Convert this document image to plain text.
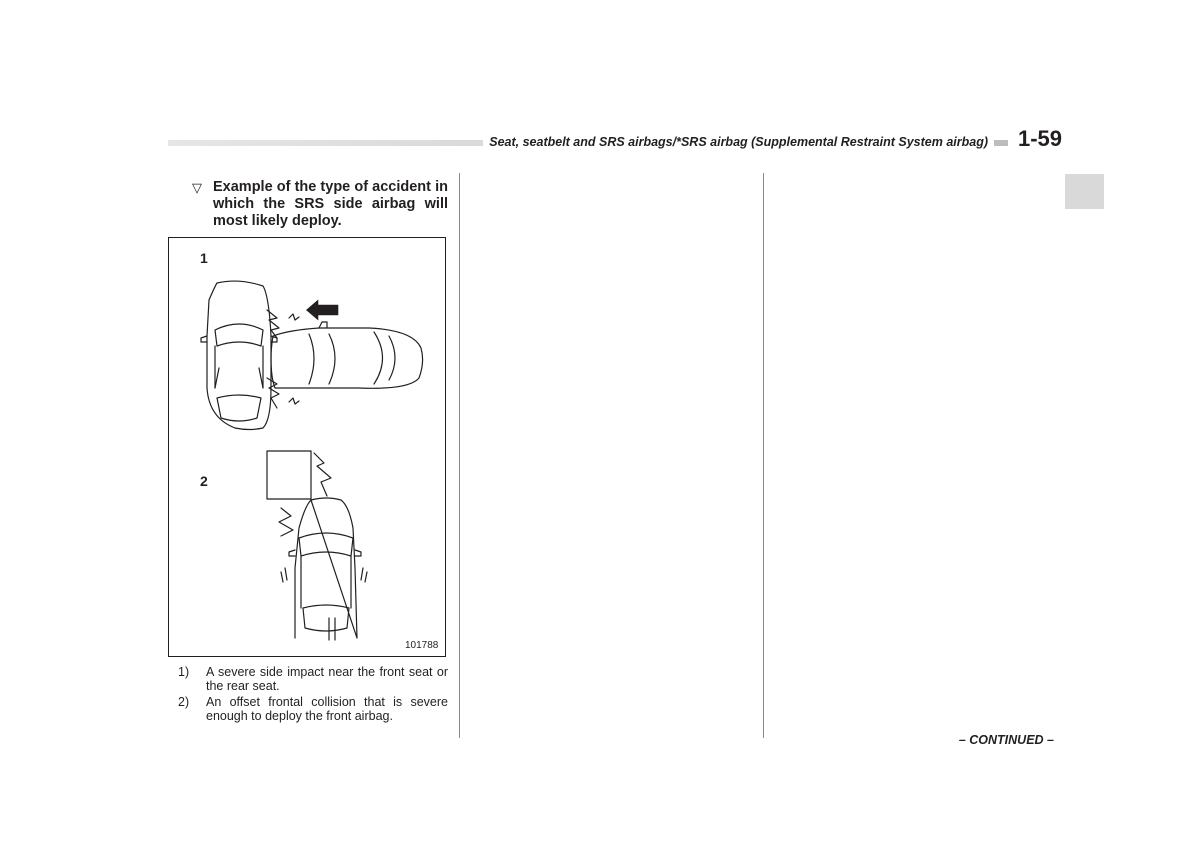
Seat, seatbelt and SRS airbags/*SRS airbag (Supplemental Restraint System airbag) 1-59
▽ Example of the type of accident in which the SRS side airbag will most likely deploy.
1
2
101788
1) A severe side impact near the front seat or the rear seat.
2) An offset frontal collision that is severe enough to deploy the front airbag.
– CONTINUED –
